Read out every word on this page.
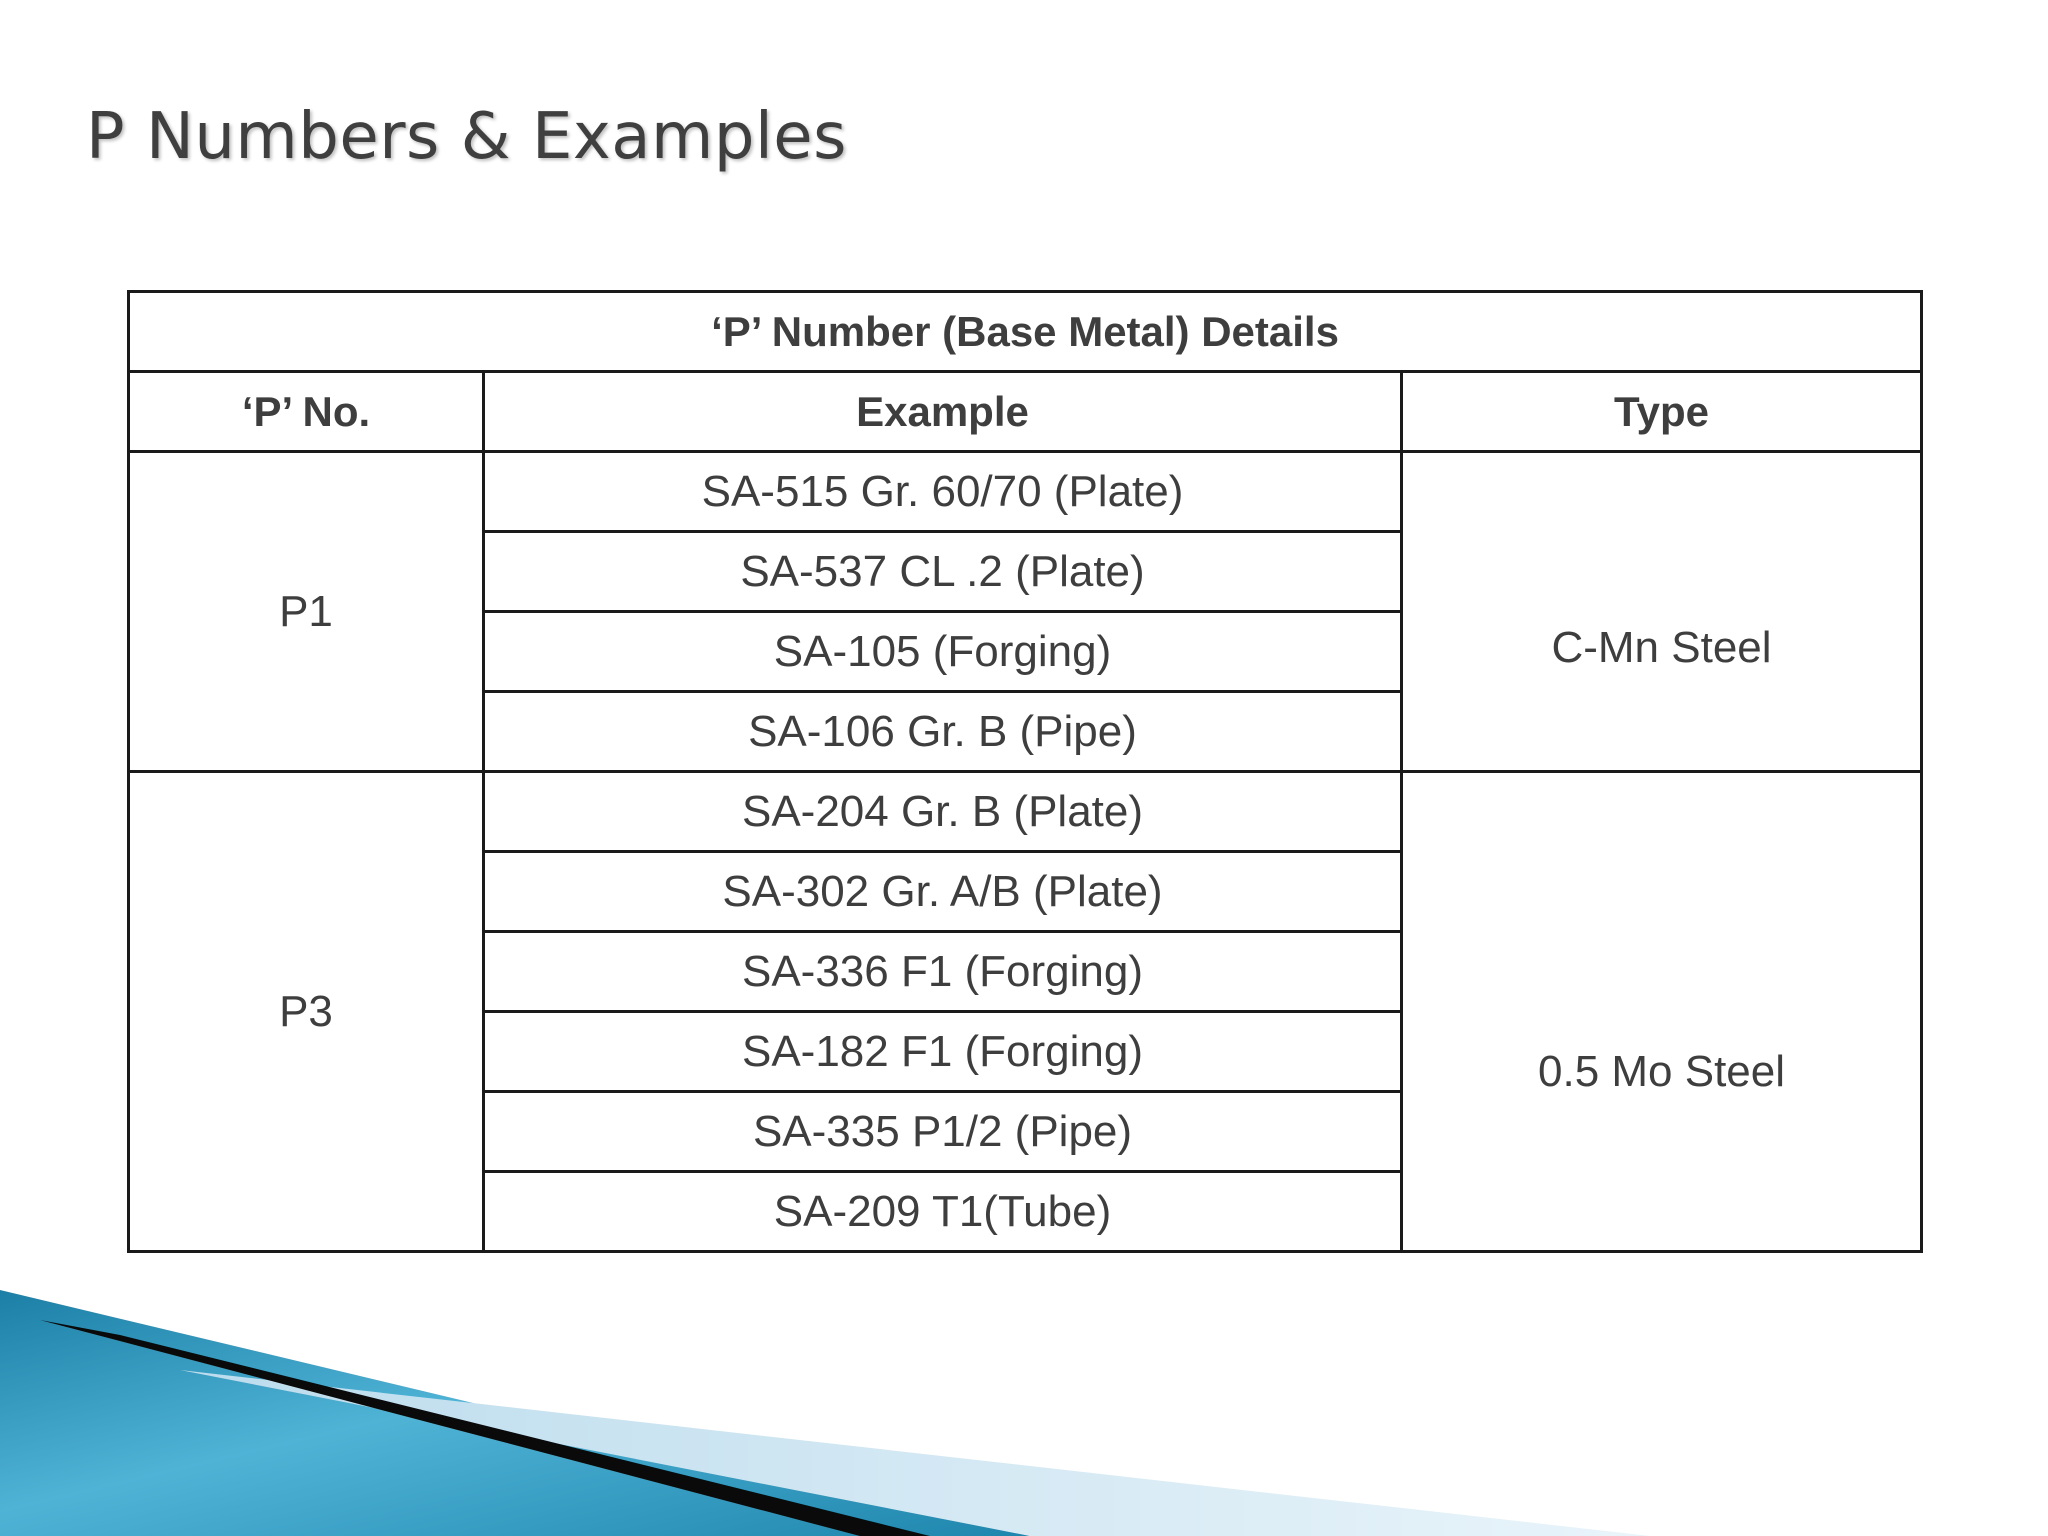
P Numbers & Examples
‘P’ Number (Base Metal) Details		
‘P’ No.	Example	Type
P1	SA-515 Gr. 60/70 (Plate)	C-Mn Steel

	SA-537 CL .2 (Plate)	
	SA-105 (Forging)	
	SA-106 Gr. B (Pipe)	
P3	SA-204 Gr. B (Plate)	0.5 Mo Steel

	SA-302 Gr. A/B (Plate)	
	SA-336 F1 (Forging)	
	SA-182 F1 (Forging)	
	SA-335 P1/2 (Pipe)	
	SA-209 T1(Tube)	
